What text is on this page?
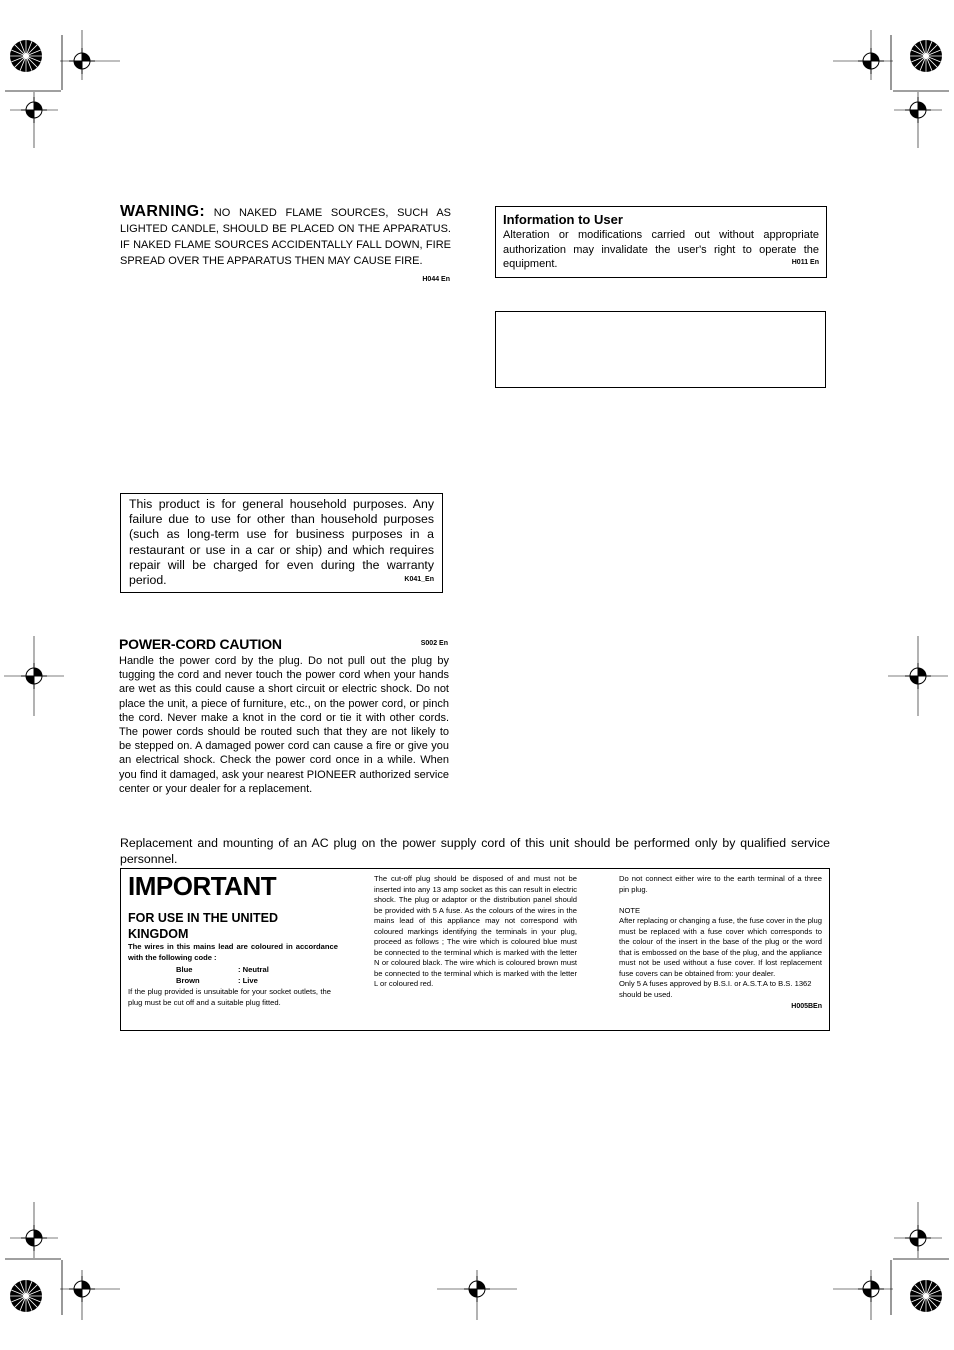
WARNING: NO NAKED FLAME SOURCES, SUCH AS LIGHTED CANDLE, SHOULD BE PLACED ON THE APPARATUS. IF NAKED FLAME SOURCES ACCIDENTALLY FALL DOWN, FIRE SPREAD OVER THE APPARATUS THEN MAY CAUSE FIRE.
H044 En
Information to User
Alteration or modifications carried out without appropriate authorization may invalidate the user's right to operate the equipment.	H011 En
This product is for general household purposes. Any failure due to use for other than household purposes (such as long-term use for business purposes in a restaurant or use in a car or ship) and which requires repair will be charged for even during the warranty period.	K041_En
POWER-CORD CAUTION	S002 En
Handle the power cord by the plug. Do not pull out the plug by tugging the cord and never touch the power cord when your hands are wet as this could cause a short circuit or electric shock. Do not place the unit, a piece of furniture, etc., on the power cord, or pinch the cord. Never make a knot in the cord or tie it with other cords. The power cords should be routed such that they are not likely to be stepped on. A damaged power cord can cause a fire or give you an electrical shock. Check the power cord once in a while. When you find it damaged, ask your nearest PIONEER authorized service center or your dealer for a replacement.
Replacement and mounting of an AC plug on the power supply cord of this unit should be performed only by qualified service personnel.
IMPORTANT
FOR USE IN THE UNITED KINGDOM
The wires in this mains lead are coloured in accordance with the following code :
Blue	: Neutral
Brown	: Live
If the plug provided is unsuitable for your socket outlets, the plug must be cut off and a suitable plug fitted.
The cut-off plug should be disposed of and must not be inserted into any 13 amp socket as this can result in electric shock. The plug or adaptor or the distribution panel should be provided with 5 A fuse. As the colours of the wires in the mains lead of this appliance may not correspond with coloured markings identifying the terminals in your plug, proceed as follows ; The wire which is coloured blue must be connected to the terminal which is marked with the letter N or coloured black. The wire which is coloured brown must be connected to the terminal which is marked with the letter L or coloured red.

Do not connect either wire to the earth terminal of a three pin plug.

NOTE

After replacing or changing a fuse, the fuse cover in the plug must be replaced with a fuse cover which corresponds to the colour of the insert in the base of the plug or the word that is embossed on the base of the plug, and the appliance must not be used without a fuse cover. If lost replacement fuse covers can be obtained from: your dealer.

Only 5 A fuses approved by B.S.I. or A.S.T.A to B.S. 1362 should be used.

H005BEn
